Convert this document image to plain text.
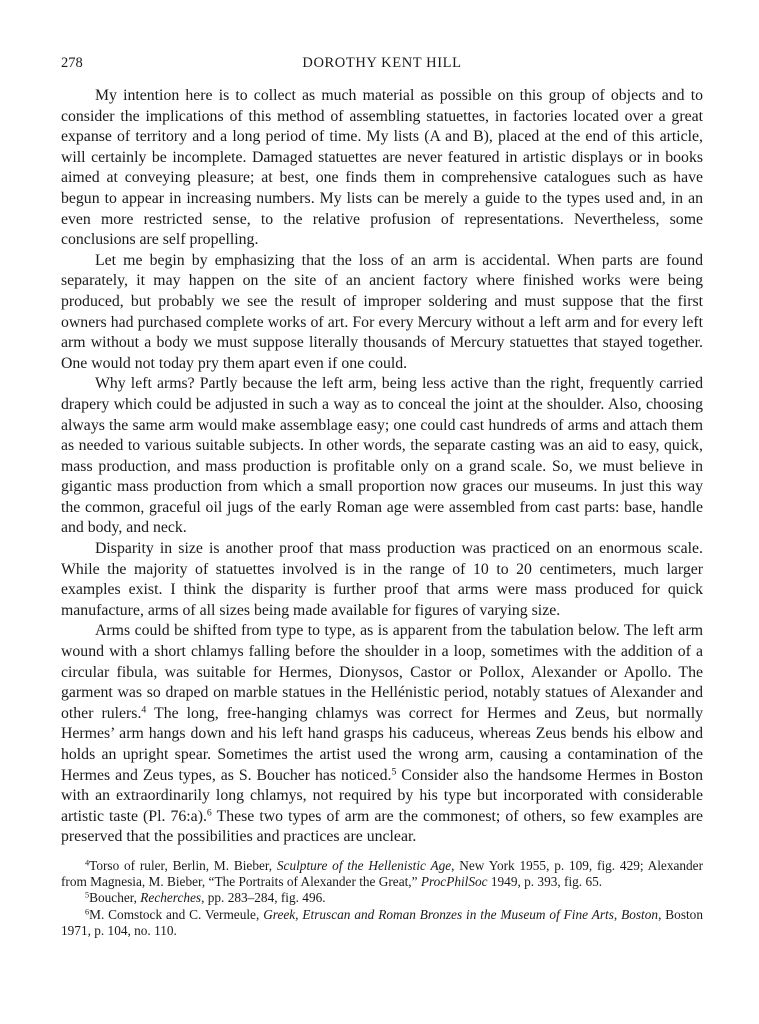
278	DOROTHY KENT HILL

My intention here is to collect as much material as possible on this group of objects and to consider the implications of this method of assembling statuettes, in factories located over a great expanse of territory and a long period of time. My lists (A and B), placed at the end of this article, will certainly be incomplete. Damaged statuettes are never featured in artistic displays or in books aimed at conveying pleasure; at best, one finds them in comprehensive catalogues such as have begun to appear in increasing numbers. My lists can be merely a guide to the types used and, in an even more restricted sense, to the relative profusion of representations. Nevertheless, some conclusions are self propelling.

Let me begin by emphasizing that the loss of an arm is accidental. When parts are found separately, it may happen on the site of an ancient factory where finished works were being produced, but probably we see the result of improper soldering and must suppose that the first owners had purchased complete works of art. For every Mercury without a left arm and for every left arm without a body we must suppose literally thousands of Mercury statuettes that stayed together. One would not today pry them apart even if one could.

Why left arms? Partly because the left arm, being less active than the right, frequently carried drapery which could be adjusted in such a way as to conceal the joint at the shoulder. Also, choosing always the same arm would make assemblage easy; one could cast hundreds of arms and attach them as needed to various suitable subjects. In other words, the separate casting was an aid to easy, quick, mass production, and mass production is profitable only on a grand scale. So, we must believe in gigantic mass production from which a small proportion now graces our museums. In just this way the common, graceful oil jugs of the early Roman age were assembled from cast parts: base, handle and body, and neck.

Disparity in size is another proof that mass production was practiced on an enormous scale. While the majority of statuettes involved is in the range of 10 to 20 centimeters, much larger examples exist. I think the disparity is further proof that arms were mass produced for quick manufacture, arms of all sizes being made available for figures of varying size.

Arms could be shifted from type to type, as is apparent from the tabulation below. The left arm wound with a short chlamys falling before the shoulder in a loop, sometimes with the addition of a circular fibula, was suitable for Hermes, Dionysos, Castor or Pollox, Alexander or Apollo. The garment was so draped on marble statues in the Hellénistic period, notably statues of Alexander and other rulers.$^4$ The long, free-hanging chlamys was correct for Hermes and Zeus, but normally Hermes’ arm hangs down and his left hand grasps his caduceus, whereas Zeus bends his elbow and holds an upright spear. Sometimes the artist used the wrong arm, causing a contamination of the Hermes and Zeus types, as S. Boucher has noticed.$^5$ Consider also the handsome Hermes in Boston with an extraordinarily long chlamys, not required by his type but incorporated with considerable artistic taste (Pl. 76:a).$^6$ These two types of arm are the commonest; of others, so few examples are preserved that the possibilities and practices are unclear.

$^4$Torso of ruler, Berlin, M. Bieber, Sculpture of the Hellenistic Age, New York 1955, p. 109, fig. 429; Alexander from Magnesia, M. Bieber, “The Portraits of Alexander the Great,” ProcPhilSoc 1949, p. 393, fig. 65.

$^5$Boucher, Recherches, pp. 283–284, fig. 496.

$^6$M. Comstock and C. Vermeule, Greek, Etruscan and Roman Bronzes in the Museum of Fine Arts, Boston, Boston 1971, p. 104, no. 110.
